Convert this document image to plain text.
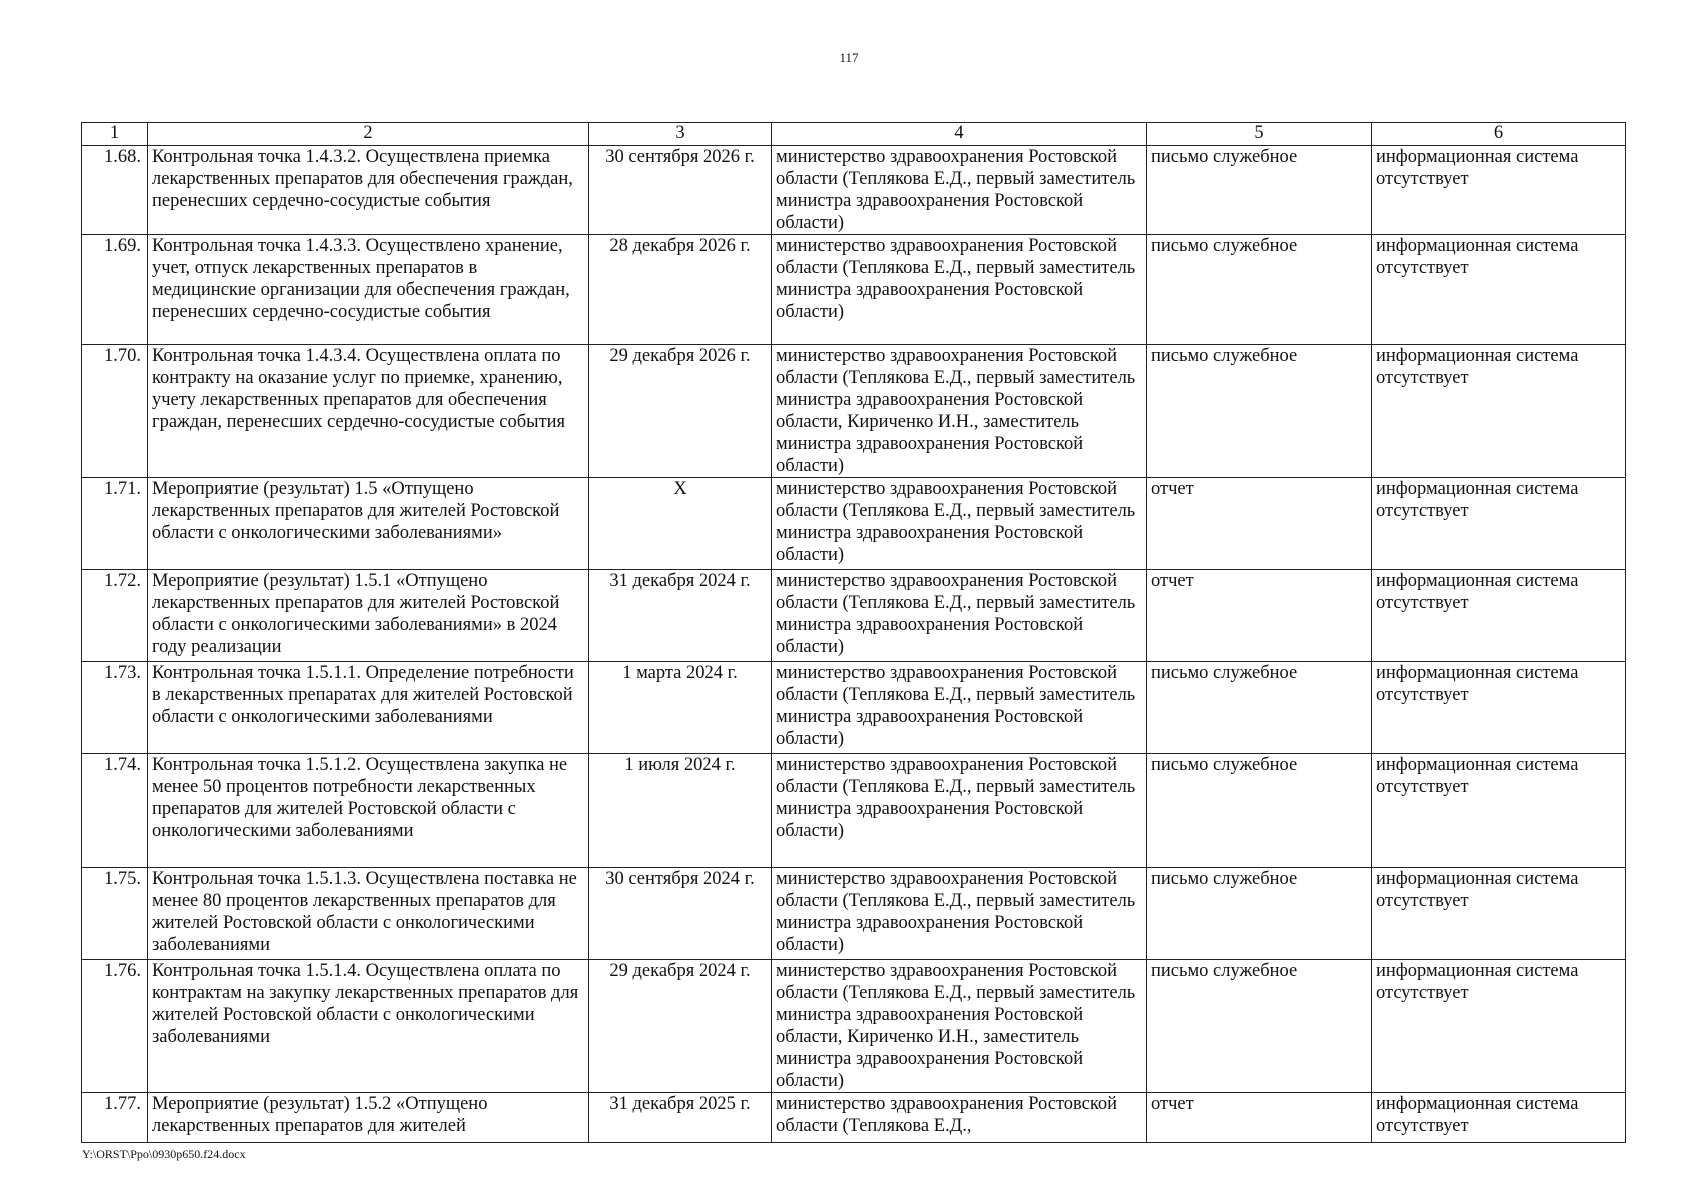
117
1	2	3	4	5	6
1.68.	Контрольная точка 1.4.3.2. Осуществлена приемка лекарственных препаратов для обеспечения граждан, перенесших сердечно-сосудистые события	30 сентября 2026 г.	министерство здравоохранения Ростовской области (Теплякова Е.Д., первый заместитель министра здравоохранения Ростовской области)	письмо служебное	информационная система отсутствует
1.69.	Контрольная точка 1.4.3.3. Осуществлено хранение, учет, отпуск лекарственных препаратов в медицинские организации для обеспечения граждан, перенесших сердечно-сосудистые события	28 декабря 2026 г.	министерство здравоохранения Ростовской области (Теплякова Е.Д., первый заместитель министра здравоохранения Ростовской области)	письмо служебное	информационная система отсутствует
1.70.	Контрольная точка 1.4.3.4. Осуществлена оплата по контракту на оказание услуг по приемке, хранению, учету лекарственных препаратов для обеспечения граждан, перенесших сердечно-сосудистые события	29 декабря 2026 г.	министерство здравоохранения Ростовской области (Теплякова Е.Д., первый заместитель министра здравоохранения Ростовской области, Кириченко И.Н., заместитель министра здравоохранения Ростовской области)	письмо служебное	информационная система отсутствует
1.71.	Мероприятие (результат) 1.5 «Отпущено лекарственных препаратов для жителей Ростовской области с онкологическими заболеваниями»	Х	министерство здравоохранения Ростовской области (Теплякова Е.Д., первый заместитель министра здравоохранения Ростовской области)	отчет	информационная система отсутствует
1.72.	Мероприятие (результат) 1.5.1 «Отпущено лекарственных препаратов для жителей Ростовской области с онкологическими заболеваниями» в 2024 году реализации	31 декабря 2024 г.	министерство здравоохранения Ростовской области (Теплякова Е.Д., первый заместитель министра здравоохранения Ростовской области)	отчет	информационная система отсутствует
1.73.	Контрольная точка 1.5.1.1. Определение потребности в лекарственных препаратах для жителей Ростовской области с онкологическими заболеваниями	1 марта 2024 г.	министерство здравоохранения Ростовской области (Теплякова Е.Д., первый заместитель министра здравоохранения Ростовской области)	письмо служебное	информационная система отсутствует
1.74.	Контрольная точка 1.5.1.2. Осуществлена закупка не менее 50 процентов потребности лекарственных препаратов для жителей Ростовской области с онкологическими заболеваниями	1 июля 2024 г.	министерство здравоохранения Ростовской области (Теплякова Е.Д., первый заместитель министра здравоохранения Ростовской области)	письмо служебное	информационная система отсутствует
1.75.	Контрольная точка 1.5.1.3. Осуществлена поставка не менее 80 процентов лекарственных препаратов для жителей Ростовской области с онкологическими заболеваниями	30 сентября 2024 г.	министерство здравоохранения Ростовской области (Теплякова Е.Д., первый заместитель министра здравоохранения Ростовской области)	письмо служебное	информационная система отсутствует
1.76.	Контрольная точка 1.5.1.4. Осуществлена оплата по контрактам на закупку лекарственных препаратов для жителей Ростовской области с онкологическими заболеваниями	29 декабря 2024 г.	министерство здравоохранения Ростовской области (Теплякова Е.Д., первый заместитель министра здравоохранения Ростовской области, Кириченко И.Н., заместитель министра здравоохранения Ростовской области)	письмо служебное	информационная система отсутствует
1.77.	Мероприятие (результат) 1.5.2 «Отпущено лекарственных препаратов для жителей	31 декабря 2025 г.	министерство здравоохранения Ростовской области (Теплякова Е.Д.,	отчет	информационная система отсутствует
Y:\ORST\Ppo\0930p650.f24.docx
